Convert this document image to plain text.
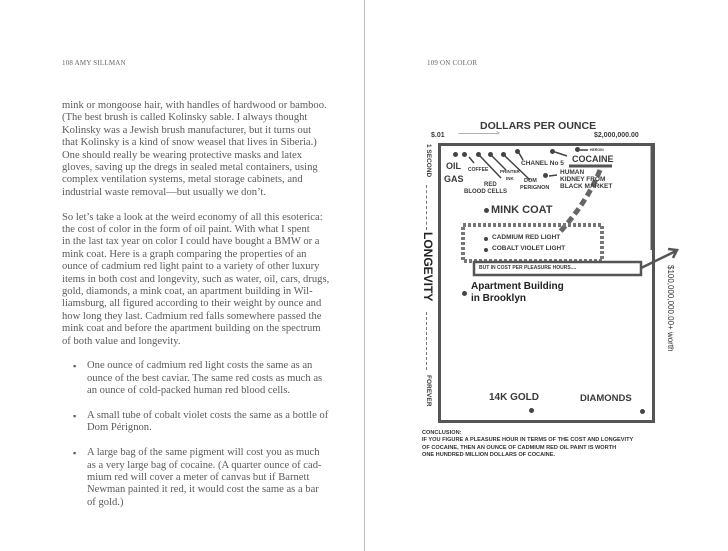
108 AMY SILLMAN	109 ON COLOR
mink or mongoose hair, with handles of hardwood or bamboo.
(The best brush is called Kolinsky sable. I always thought
Kolinsky was a Jewish brush manufacturer, but it turns out
that Kolinsky is a kind of snow weasel that lives in Siberia.)
One should really be wearing protective masks and latex
gloves, saving up the dregs in sealed metal containers, using
complex ventilation systems, metal storage cabinets, and
industrial waste removal—but usually we don’t.
So let’s take a look at the weird economy of all this esoterica:
the cost of color in the form of oil paint. With what I spent
in the last tax year on color I could have bought a BMW or a
mink coat. Here is a graph comparing the properties of an
ounce of cadmium red light paint to a variety of other luxury
items in both cost and longevity, such as water, oil, cars, drugs,
gold, diamonds, a mink coat, an apartment building in Wil-
liamsburg, all figured according to their weight by ounce and
how long they last. Cadmium red falls somewhere passed the
mink coat and before the apartment building on the spectrum
of both value and longevity.
▪ One ounce of cadmium red light costs the same as an
ounce of the best caviar. The same red costs as much as
an ounce of cold-packed human red blood cells.
▪ A small tube of cobalt violet costs the same as a bottle of
Dom Pérignon.
▪ A large bag of the same pigment will cost you as much
as a very large bag of cocaine. (A quarter ounce of cad-
mium red will cover a meter of canvas but if Barnett
Newman painted it red, it would cost the same as a bar
of gold.)
DOLLARS PER OUNCE
$.01 ------------------------------------------------>	$2,000,000.00
1 SECOND
LONGEVITY
FOREVER
OIL
GAS
COFFEE	PRINTER
INK
RED
BLOOD CELLS
CHANEL No 5
DOM
PERIGNON
HEROIN
COCAINE
HUMAN
KIDNEY FROM
BLACK MARKET
MINK COAT
CADMIUM RED LIGHT
COBALT VIOLET LIGHT
BUT IN COST PER PLEASURE HOURS....
Apartment Building
in Brooklyn
14K GOLD	DIAMONDS
$100,000,000.00+ worth
CONCLUSION:
IF YOU FIGURE A PLEASURE HOUR IN TERMS OF THE COST AND LONGEVITY
OF COCAINE, THEN AN OUNCE OF CADMIUM RED OIL PAINT IS WORTH
ONE HUNDRED MILLION DOLLARS OF COCAINE.
